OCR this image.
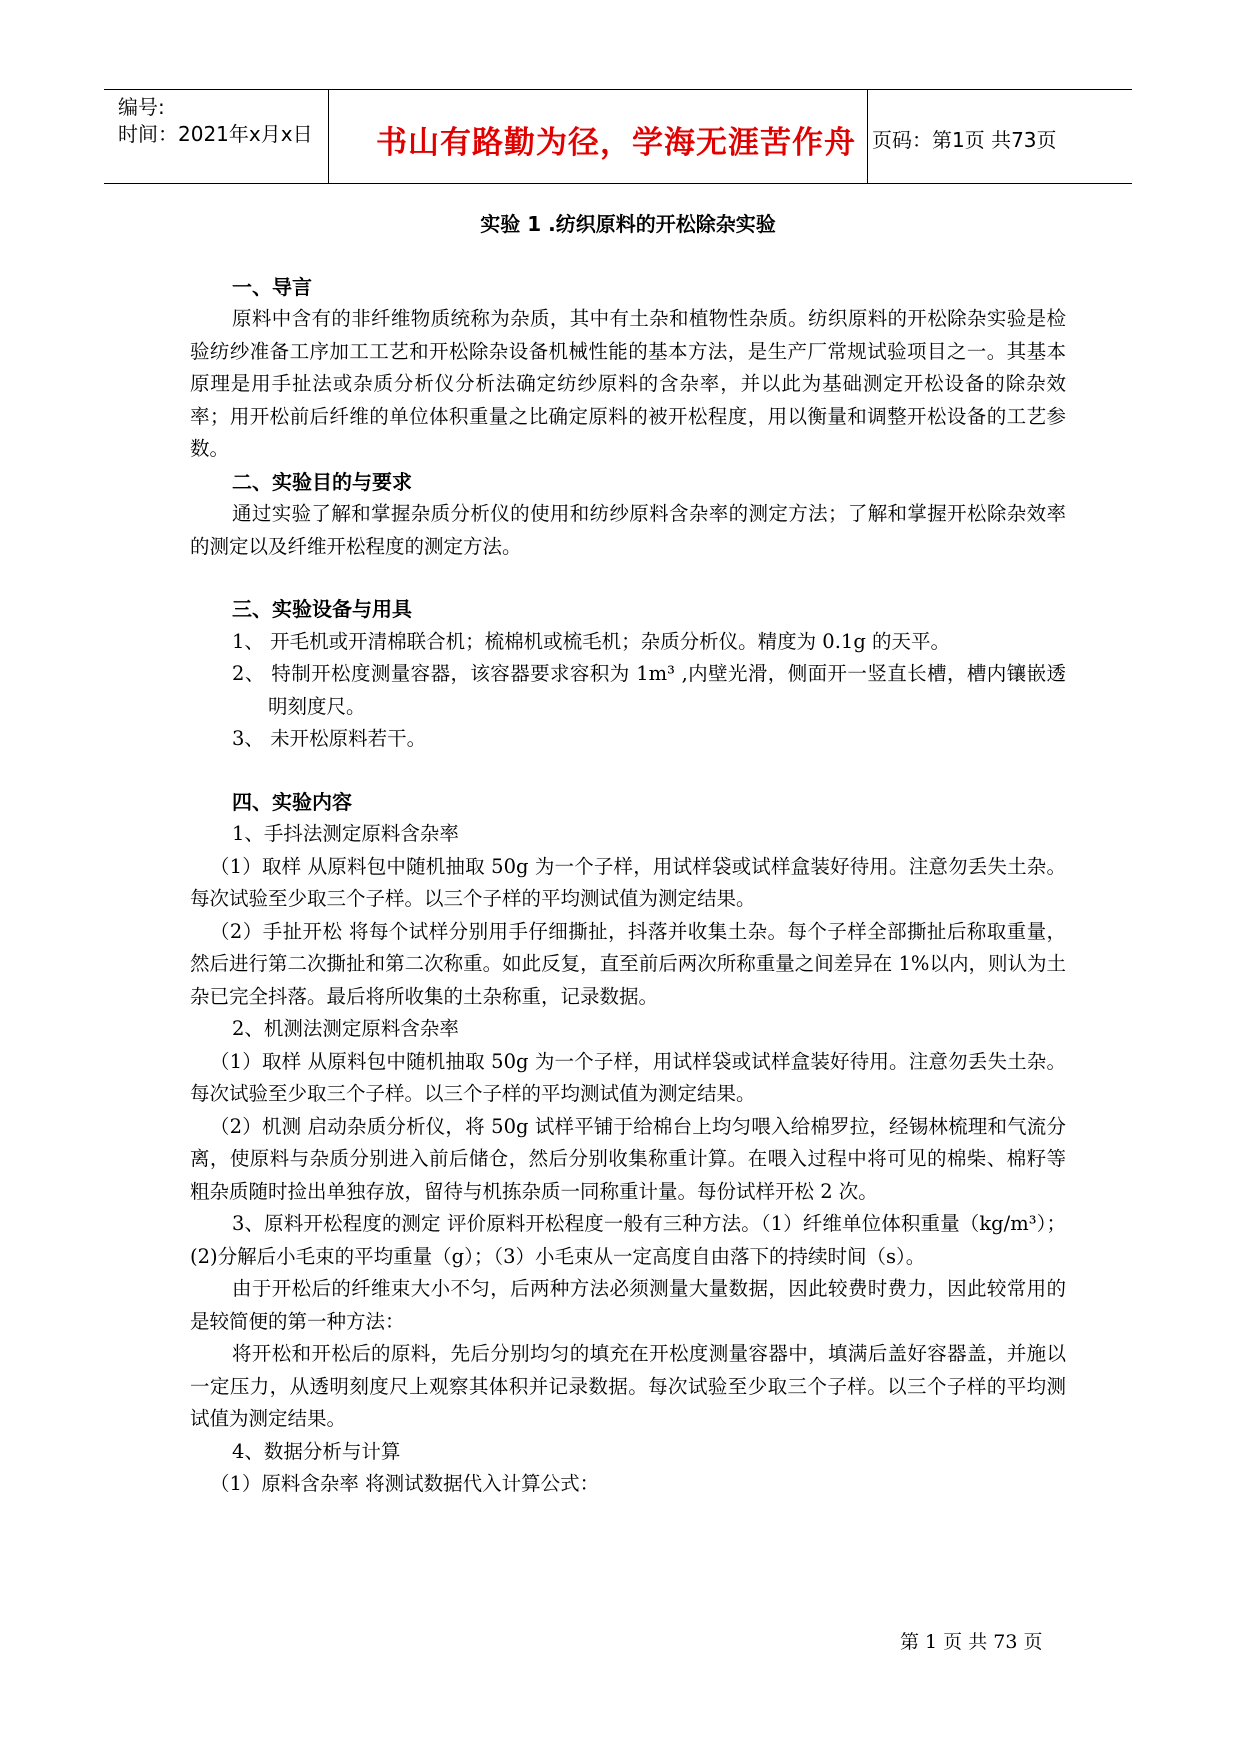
编号:
时间：2021年x月x日 书山有路勤为径，学海无涯苦作舟 页码：第1页 共73页
实验 1 .纺织原料的开松除杂实验
一、导言

原料中含有的非纤维物质统称为杂质，其中有土杂和植物性杂质。纺织原料的开松除杂实验是检验纺纱准备工序加工工艺和开松除杂设备机械性能的基本方法，是生产厂常规试验项目之一。其基本原理是用手扯法或杂质分析仪分析法确定纺纱原料的含杂率，并以此为基础测定开松设备的除杂效率；用开松前后纤维的单位体积重量之比确定原料的被开松程度，用以衡量和调整开松设备的工艺参数。

二、实验目的与要求

通过实验了解和掌握杂质分析仪的使用和纺纱原料含杂率的测定方法；了解和掌握开松除杂效率的测定以及纤维开松程度的测定方法。

三、实验设备与用具

1、 开毛机或开清棉联合机；梳棉机或梳毛机；杂质分析仪。精度为 0.1g 的天平。

2、 特制开松度测量容器，该容器要求容积为 1m³ ,内壁光滑，侧面开一竖直长槽，槽内镶嵌透明刻度尺。

3、 未开松原料若干。

四、实验内容

1、手抖法测定原料含杂率

（1）取样 从原料包中随机抽取 50g 为一个子样，用试样袋或试样盒装好待用。注意勿丢失土杂。每次试验至少取三个子样。以三个子样的平均测试值为测定结果。

（2）手扯开松 将每个试样分别用手仔细撕扯，抖落并收集土杂。每个子样全部撕扯后称取重量，然后进行第二次撕扯和第二次称重。如此反复，直至前后两次所称重量之间差异在 1%以内，则认为土杂已完全抖落。最后将所收集的土杂称重，记录数据。

2、机测法测定原料含杂率

（1）取样 从原料包中随机抽取 50g 为一个子样，用试样袋或试样盒装好待用。注意勿丢失土杂。每次试验至少取三个子样。以三个子样的平均测试值为测定结果。

（2）机测 启动杂质分析仪，将 50g 试样平铺于给棉台上均匀喂入给棉罗拉，经锡林梳理和气流分离，使原料与杂质分别进入前后储仓，然后分别收集称重计算。在喂入过程中将可见的棉柴、棉籽等粗杂质随时捡出单独存放，留待与机拣杂质一同称重计量。每份试样开松 2 次。

3、原料开松程度的测定 评价原料开松程度一般有三种方法。（1）纤维单位体积重量（kg/m³）；(2)分解后小毛束的平均重量（g）；（3）小毛束从一定高度自由落下的持续时间（s）。

由于开松后的纤维束大小不匀，后两种方法必须测量大量数据，因此较费时费力，因此较常用的是较简便的第一种方法：

将开松和开松后的原料，先后分别均匀的填充在开松度测量容器中，填满后盖好容器盖，并施以一定压力，从透明刻度尺上观察其体积并记录数据。每次试验至少取三个子样。以三个子样的平均测试值为测定结果。

4、数据分析与计算

（1）原料含杂率 将测试数据代入计算公式：

第 1 页 共 73 页
